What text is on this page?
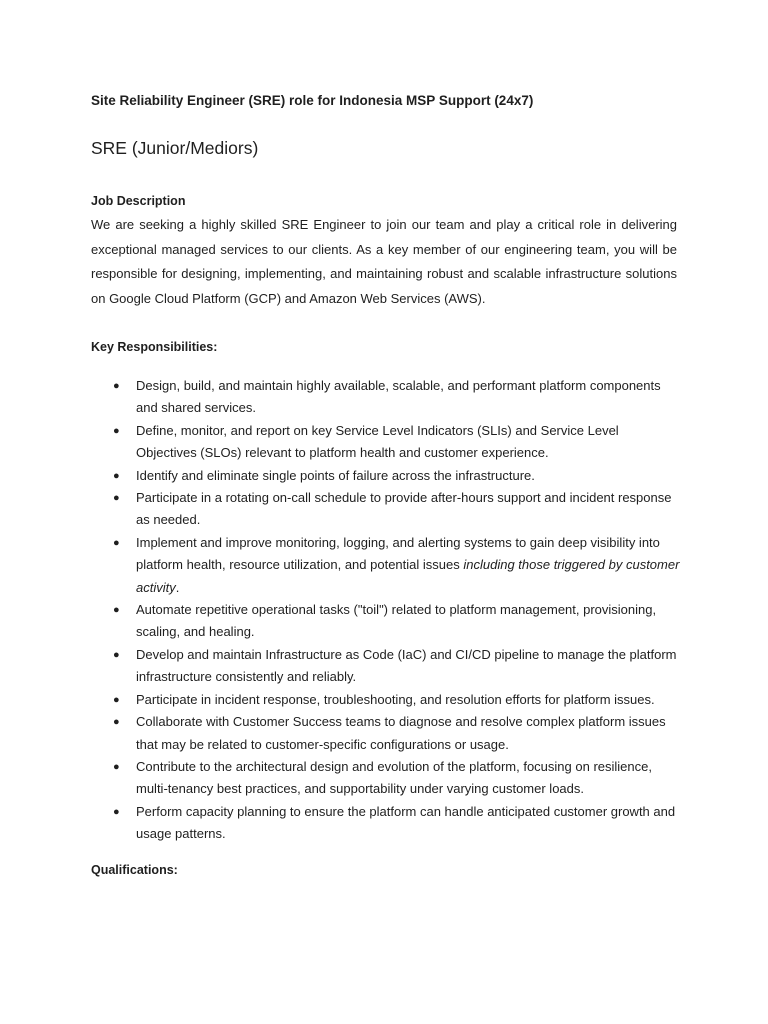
Site Reliability Engineer (SRE) role for Indonesia MSP Support (24x7)
SRE (Junior/Mediors)
Job Description

We are seeking a highly skilled SRE Engineer to join our team and play a critical role in delivering exceptional managed services to our clients. As a key member of our engineering team, you will be responsible for designing, implementing, and maintaining robust and scalable infrastructure solutions on Google Cloud Platform (GCP) and Amazon Web Services (AWS).

Key Responsibilities:
● Design, build, and maintain highly available, scalable, and performant platform components and shared services.
● Define, monitor, and report on key Service Level Indicators (SLIs) and Service Level Objectives (SLOs) relevant to platform health and customer experience.
● Identify and eliminate single points of failure across the infrastructure.
● Participate in a rotating on-call schedule to provide after-hours support and incident response as needed.
● Implement and improve monitoring, logging, and alerting systems to gain deep visibility into platform health, resource utilization, and potential issues including those triggered by customer activity.
● Automate repetitive operational tasks ("toil") related to platform management, provisioning, scaling, and healing.
● Develop and maintain Infrastructure as Code (IaC) and CI/CD pipeline to manage the platform infrastructure consistently and reliably.
● Participate in incident response, troubleshooting, and resolution efforts for platform issues.
● Collaborate with Customer Success teams to diagnose and resolve complex platform issues that may be related to customer-specific configurations or usage.
● Contribute to the architectural design and evolution of the platform, focusing on resilience, multi-tenancy best practices, and supportability under varying customer loads.
● Perform capacity planning to ensure the platform can handle anticipated customer growth and usage patterns.
Qualifications:
